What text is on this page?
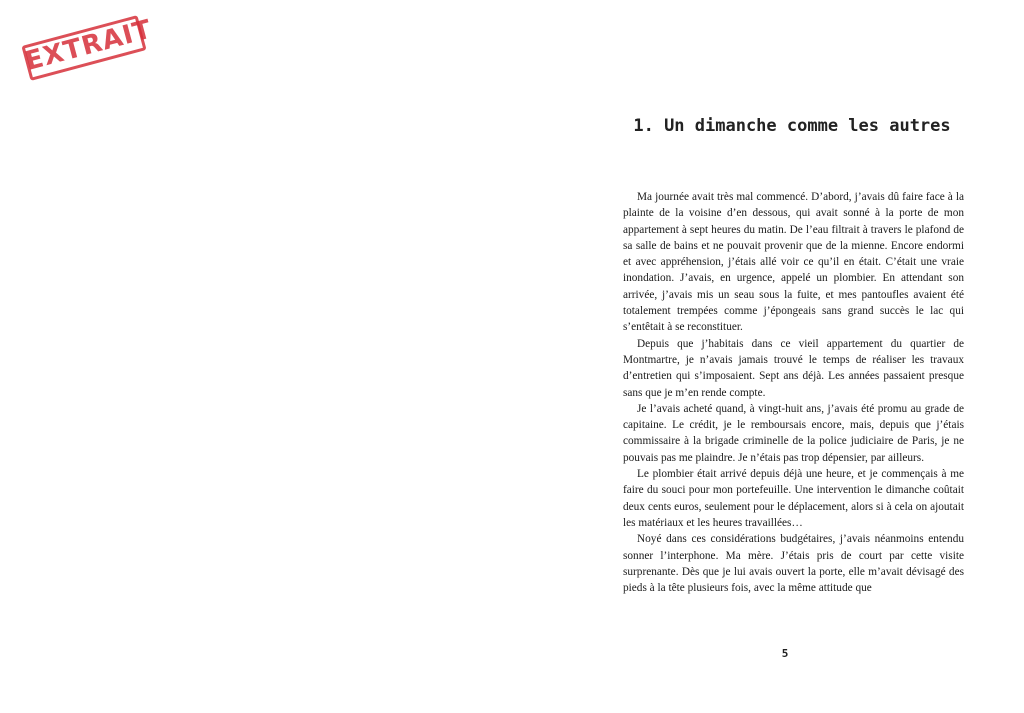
EXTRAIT
1. Un dimanche comme les autres

Ma journée avait très mal commencé. D’abord, j’avais dû faire face à la plainte de la voisine d’en dessous, qui avait sonné à la porte de mon appartement à sept heures du matin. De l’eau filtrait à travers le plafond de sa salle de bains et ne pouvait provenir que de la mienne. Encore endormi et avec appréhension, j’étais allé voir ce qu’il en était. C’était une vraie inondation. J’avais, en urgence, appelé un plombier. En attendant son arrivée, j’avais mis un seau sous la fuite, et mes pantoufles avaient été totalement trempées comme j’épongeais sans grand succès le lac qui s’entêtait à se reconstituer.

Depuis que j’habitais dans ce vieil appartement du quartier de Montmartre, je n’avais jamais trouvé le temps de réaliser les travaux d’entretien qui s’imposaient. Sept ans déjà. Les années passaient presque sans que je m’en rende compte.

Je l’avais acheté quand, à vingt-huit ans, j’avais été promu au grade de capitaine. Le crédit, je le remboursais encore, mais, depuis que j’étais commissaire à la brigade criminelle de la police judiciaire de Paris, je ne pouvais pas me plaindre. Je n’étais pas trop dépensier, par ailleurs.

Le plombier était arrivé depuis déjà une heure, et je commençais à me faire du souci pour mon portefeuille. Une intervention le dimanche coûtait deux cents euros, seulement pour le déplacement, alors si à cela on ajoutait les matériaux et les heures travaillées…

Noyé dans ces considérations budgétaires, j’avais néanmoins entendu sonner l’interphone. Ma mère. J’étais pris de court par cette visite surprenante. Dès que je lui avais ouvert la porte, elle m’avait dévisagé des pieds à la tête plusieurs fois, avec la même attitude que

5
